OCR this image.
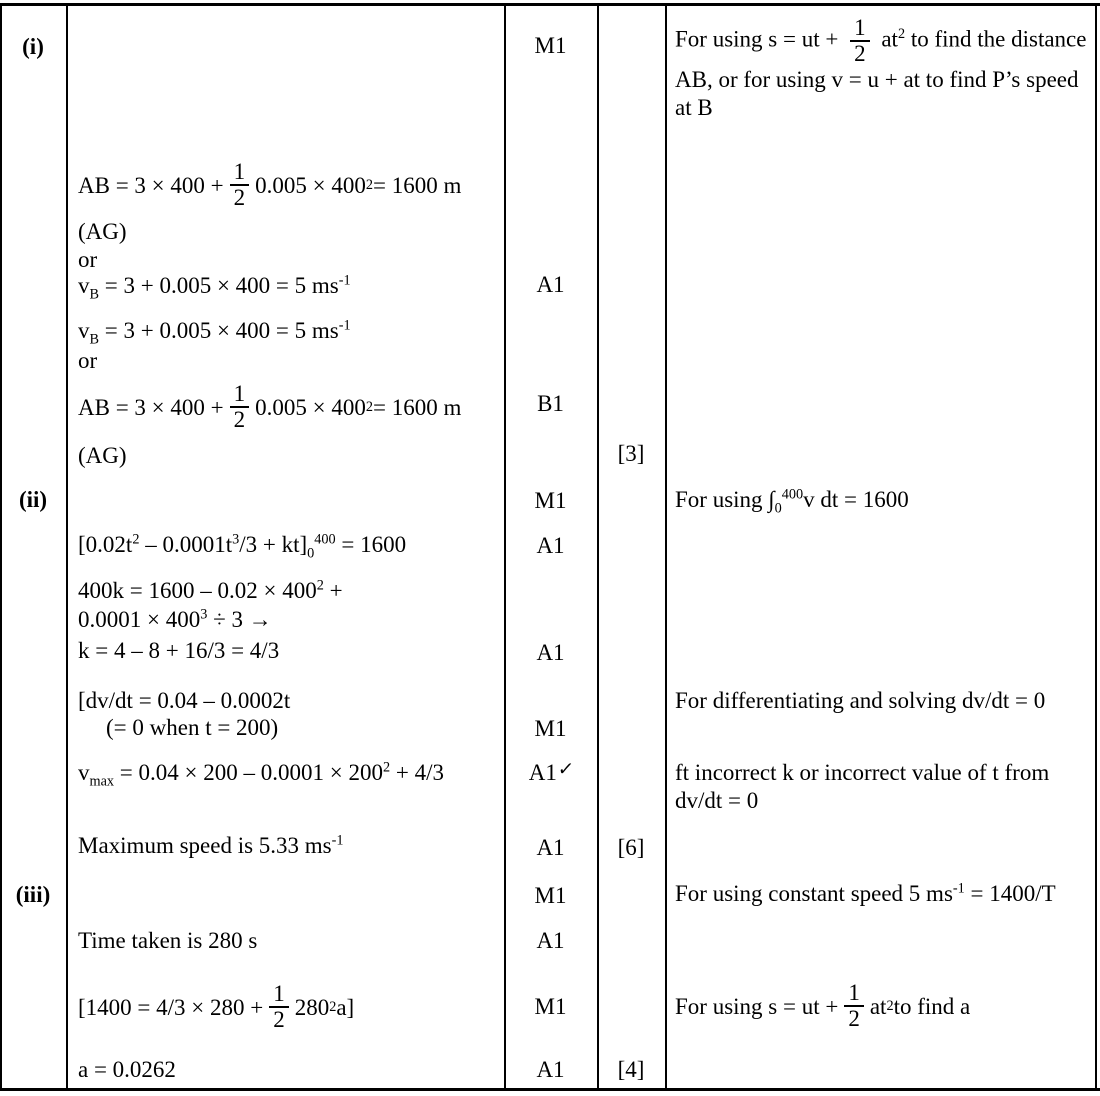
(i)
(ii)
(iii)
AB = $3 \times 400 + \frac{1}{2} 0.005 \times 400$ 2 = 1600 m
(AG)
or
$v_B = 3 + 0.005 \times 400 = 5$ $ms^{-1}$
$v_B = 3 + 0.005 \times 400 = 5$ $ms^{-1}$
or
AB = $3 \times 400 + \frac{1}{2} 0.005 \times 400$ 2 = 1600 m
(AG)
$[0.02t^2 - 0.0001t^3/3 + kt]_0^{400} = 1600$
$400k = 1600 - 0.02 \times 400^2$ +
$0.0001 \times 400^3 \div 3$ →
k = 4 – 8 + 16/3 = 4/3
[dv/dt = 0.04 – 0.0002t
(= 0 when t = 200)
$v_{max} = 0.04 \times 200 - 0.0001 \times 200^2 + 4/3$
Maximum speed is 5.33 $ms^{-1}$
Time taken is 280 s
[$1400 = 4/3 \times 280 + \frac{1}{2} 280$ 2 a]
a = 0.0262
M1
A1
B1
M1
A1
A1
M1
A1✓
A1
M1
A1
M1
A1
[3]
[6]
[4]
For using s = ut + $\frac{1}{2} at^2$ to find the distance AB, or for using v = u + at to find P’s speed at B
For using $\int_0^{400}v$ dt = 1600
For differentiating and solving dv/dt = 0
ft incorrect k or incorrect value of t from dv/dt = 0
For using constant speed 5 $ms^{-1} = 1400/T$
For using s = ut + $\frac{1}{2}$ at 2 to find a
